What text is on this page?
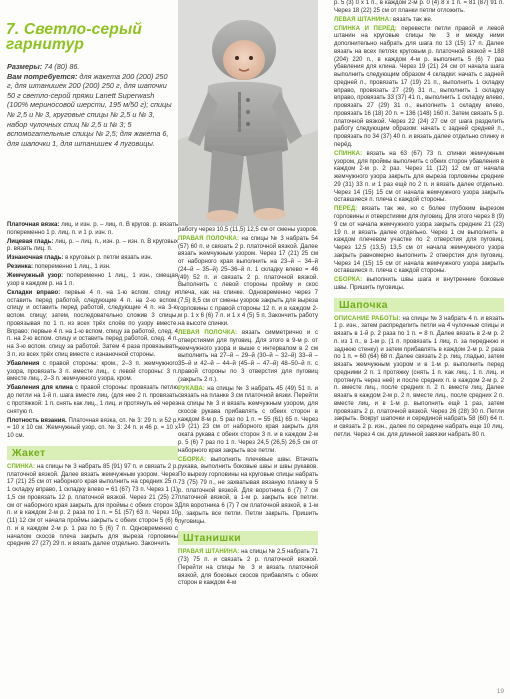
7. Светло-серый гарнитур
Размеры: 74 (80) 86.
Вам потребуется: для жакета 200 (200) 250 г, для штанишек 200 (200) 250 г, для шапочки 50 г светло-серой пряжи Lanett Superwash (100% мериносовой шерсти, 195 м/50 г); спицы № 2,5 и № 3, круговые спицы № 2,5 и № 3, набор чулочных спиц № 2,5 и № 3; 5 вспомогательные спицы № 2,5; для жакета 6, для шапочки 1, для штанишек 4 пуговицы.

Платочная вязка: лиц. и изн. р. – лиц. п. В кругов. р. вязать попеременно 1 р. лиц. п. и 1 р. изн. п.

Лицевая гладь: лиц. р. – лиц. п., изн. р. – изн. п. В круговых р. вязать лиц. п.

Изнаночная гладь: в круговых р. петли вязать изн.

Резинка: попеременно 1 лиц., 1 изн.

Жемчужный узор: попеременно 1 лиц., 1 изн., смещая узор в каждом р. на 1 п.

Складки вправо: первые 4 п. на 1-ю вспом. спицу и оставить перед работой, следующие 4 п. на 2-ю вспом. спицу и оставить перед работой, следующие 4 п. на 3-ю вспом. спицу; затем, последовательно сложив 3 спицы, провязывая по 1 п. из всех трёх слоёв по узору вместе. Вправо: первые 4 п. на 1-ю вспом. спицу за работой, след. 4 п. на 2-ю вспом. спицу и оставить перед работой, след. 4 п. на 3-ю вспом. спицу за работой. Затем 4 раза провязывать 3 п. из всех трёх спиц вместе с изнаночной стороны.

Убавления с правой стороны: кром., 2–3 п. жемчужного узора, провязать 3 п. вместе лиц., с левой стороны: 3 п. вместе лиц., 2–3 п. жемчужного узора, кром.

Убавления для клина с правой стороны: провязать петлю до петли на 1-й п. шага вместе лиц. (для нее 2 п. провязать с протяжкой: 1 п. снять как лиц., 1 лиц. и протянуть её через снятую п.

Плотность вязания. Платочная вязка, сп. № 3: 29 п. и 52 р. = 10 х 10 см. Жемчужный узор, сп. № 3: 24 п. и 46 р. = 10 х 10 см.

Жакет

СПИНКА: на спицы № 3 набрать 85 (91) 97 п. и связать 2 р. платочной вязкой. Далее вязать жемчужным узором. Через 17 (21) 25 см от наборного края выполнить на средних 25 п. 1 складку вправо, 1 складку влево = 61 (67) 73 п. Через 1 (1) 1,5 см провязать 12 р. платочной вязкой. Через 21 (25) 27 см от наборного края закрыть для проймы с обеих сторон 3 п. и в каждом 2-м р. 2 раза по 1 п. = 51 (57) 63 п. Через 10 (11) 12 см от начала проймы закрыть с обеих сторон 5 (6) 6 п. и в каждом 2-м р. 1 раз по 5 (6) 7 п. Одновременно с началом скосов плеча закрыть для выреза горловины средние 27 (27) 29 п. и вязать далее отдельно. Закончить

работу через 10,5 (11,5) 12,5 см от смены узоров.

ПРАВАЯ ПОЛОЧКА: на спицы № 3 набрать 54 (57) 60 п. и связать 2 р. платочной вязкой. Далее вязать жемчужным узором. Через 17 (21) 25 см от наборного края выполнить на 23–й – 34–й (24–й – 35–й) 25–36–й п. 1 складку влево = 46 (49) 52 п. и связать 2 р. платочной вязкой. Выполнить с левой стороны пройму и скос плеча, как на спинке. Одновременно через 7 (7,5) 8,5 см от смены узоров закрыть для выреза горловины с правой стороны 12 п. и в каждом 2-м р. 1 х 6 (6) 7 п. и 1 х 4 (5) 5 п. Закончить работу на высоте спинки.

ЛЕВАЯ ПОЛОЧКА: вязать симметрично и с отверстиями для пуговиц. Для этого в 9-м р. от жемчужного узора и выше с интервалом в 2 см выполнить на 27–й – 29–й (30–й – 32–й) 33–й – 35–й и 42–й – 44–й (45–й – 47–й) 48–50–й п. с правой стороны по 3 отверстия для пуговиц (закрыть 2 п.).

РУКАВА: на спицы № 3 набрать 45 (49) 51 п. и связать на планке 3 см платочной вязки. Перейти на спицы № 3 и вязать жемчужным узором, для скосов рукава прибавлять с обеих сторон в каждом 8-м р. 5 раз по 1 п. = 55 (61) 65 п. Через 19 (21) 23 см от наборного края закрыть для оката рукава с обеих сторон 3 п. и в каждом 2-м р. 5 (6) 7 раз по 1 п. Через 24,5 (26,5) 26,5 см от наборного края закрыть все петли.

СБОРКА: выполнить плечевые швы. Втачать рукава, выполнить боковые швы и швы рукавов. По вырезу горловины на круговые спицы набрать 73 (75) 79 п., не захватывая вязаную планку в 5 р. платочной вязкой. Для воротника 6 (7) 7 см платочной вязкой, в 1-м р. закрыть все петли. Для воротника 6 (7) 7 см платочной вязкой, в 1-м р. закрыть все петли. Петли закрыть. Пришить пуговицы.

Штанишки

ПРАВАЯ ШТАНИНА: на спицы № 2,5 набрать 71 (73) 75 п. и связать 2 р. платочной вязкой. Перейти на спицы № 3 и вязать платочной вязкой, для боковых скосов прибавлять с обеих сторон в каждом 4-м

р. 5 (3) 0 х 1 п., в каждом 2-м р. 0 (4) 8 х 1 п. = 81 (87) 91 п. Через 18 (22) 25 см от планки петли отложить.

ЛЕВАЯ ШТАНИНА: вязать так же.

СПИНКА И ПЕРЕД: перевести петли правой и левой штанин на круговые спицы № 3 и между ними дополнительно набрать для шага по 13 (15) 17 п. Далее вязать на всех петлях круговым р. платочной вязкой = 188 (204) 220 п., в каждом 4-м р. выполнить 5 (6) 7 раз убавления для клина. Через 19 (21) 24 см от начала шага выполнить следующим образом 4 складки: начать с задней средней п., провязать 17 (19) 21 п., выполнить 1 складку вправо, провязать 27 (29) 31 п., выполнить 1 складку вправо, провязать 33 (37) 41 п., выполнить 1 складку влево, провязать 27 (29) 31 п., выполнить 1 складку влево, провязать 16 (18) 20 п. = 136 (148) 160 п. Затем связать 5 р. платочной вязкой. Через 22 (24) 27 см от шага разделить работу следующим образом: начать с задней средней п., провязать по 34 (37) 40 п. и вязать далее отдельно спинку и перёд.

СПИНКА: вязать на 63 (67) 73 п. спинки жемчужным узором, для проймы выполнить с обеих сторон убавления в каждом 2-м р. 2 раз. Через 11 (12) 12 см от начала жемчужного узора закрыть для выреза горловины средние 29 (31) 33 п. и 1 раз ещё по 2 п. и вязать далее отдельно. Через 14 (15) 15 см от начала жемчужного узора закрыть оставшиеся п. плеча с каждой стороны.

ПЕРЕД: вязать так же, но с более глубоким вырезом горловины и отверстиями для пуговиц. Для этого через 8 (9) 9 см от начала жемчужного узора закрыть средние 21 (23) 19 п. и вязать далее отдельно. Через 1 см выполнить в каждом плечевом участке по 2 отверстия для пуговиц. Через 12,5 (13,5) 13,5 см от начала жемчужного узора закрыть равномерно выполнить 2 отверстия для пуговиц. Через 14 (15) 15 см от начала жемчужного узора закрыть оставшиеся п. плеча с каждой стороны.

СБОРКА: выполнить швы шага и внутренние боковые швы. Пришить пуговицы.

Шапочка

ОПИСАНИЕ РАБОТЫ: на спицы № 3 набрать 4 п. и вязать 1 р. изн., затем распределить петли на 4 чулочные спицы и вязать в 1-й р. 2 раза по 1 п. = 8 п. Далее вязать в 2-м р. 2 п. из 1 п., в 1-м р. (1 п. провязать 1 лиц. п. за переднюю и заднюю стенку) и затем прибавлять в каждом 2-м р. 2 раза по 1 п. = 60 (64) 68 п. Далее связать 2 р. лиц. гладью, затем вязать жемчужным узором и в 1-м р. выполнить перед средними 2 п. 1 протяжку (снять 1 п. как лиц., 1 п. лиц. и протянуть через неё) и после средних п. в каждом 2-м р. 2 п. вместе лиц., после средних п. 2 п. вместе лиц. Далее вязать в каждом 2-м р. 2 п. вместе лиц., после средних 2 п. вместе лиц. и в 1-м р. выполнить ещё 1 раз, затем провязать 2 р. платочной вязкой. Через 26 (28) 30 п. Петли закрыть. Вокруг шапочки и серединой набрать 58 (60) 64 п. и связать 2 р. изн., далее по середине набрать еще 10 лиц. петли. Через 4 см. для длинной завязки набрать 80 п.

19
